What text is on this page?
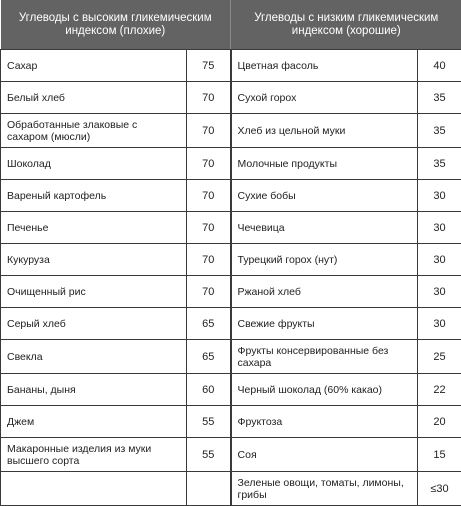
Углеводы с высоким гликемическим индексом (плохие)		Углеводы с низким гликемическим индексом (хорошие)	
Сахар	75	Цветная фасоль	40
Белый хлеб	70	Сухой горох	35
Обработанные злаковые с сахаром (мюсли)	70	Хлеб из цельной муки	35
Шоколад	70	Молочные продукты	35
Вареный картофель	70	Сухие бобы	30
Печенье	70	Чечевица	30
Кукуруза	70	Турецкий горох (нут)	30
Очищенный рис	70	Ржаной хлеб	30
Серый хлеб	65	Свежие фрукты	30
Свекла	65	Фрукты консервированные без сахара	25
Бананы, дыня	60	Черный шоколад (60% какао)	22
Джем	55	Фруктоза	20
Макаронные изделия из муки высшего сорта	55	Соя	15
		Зеленые овощи, томаты, лимоны, грибы	≤30
